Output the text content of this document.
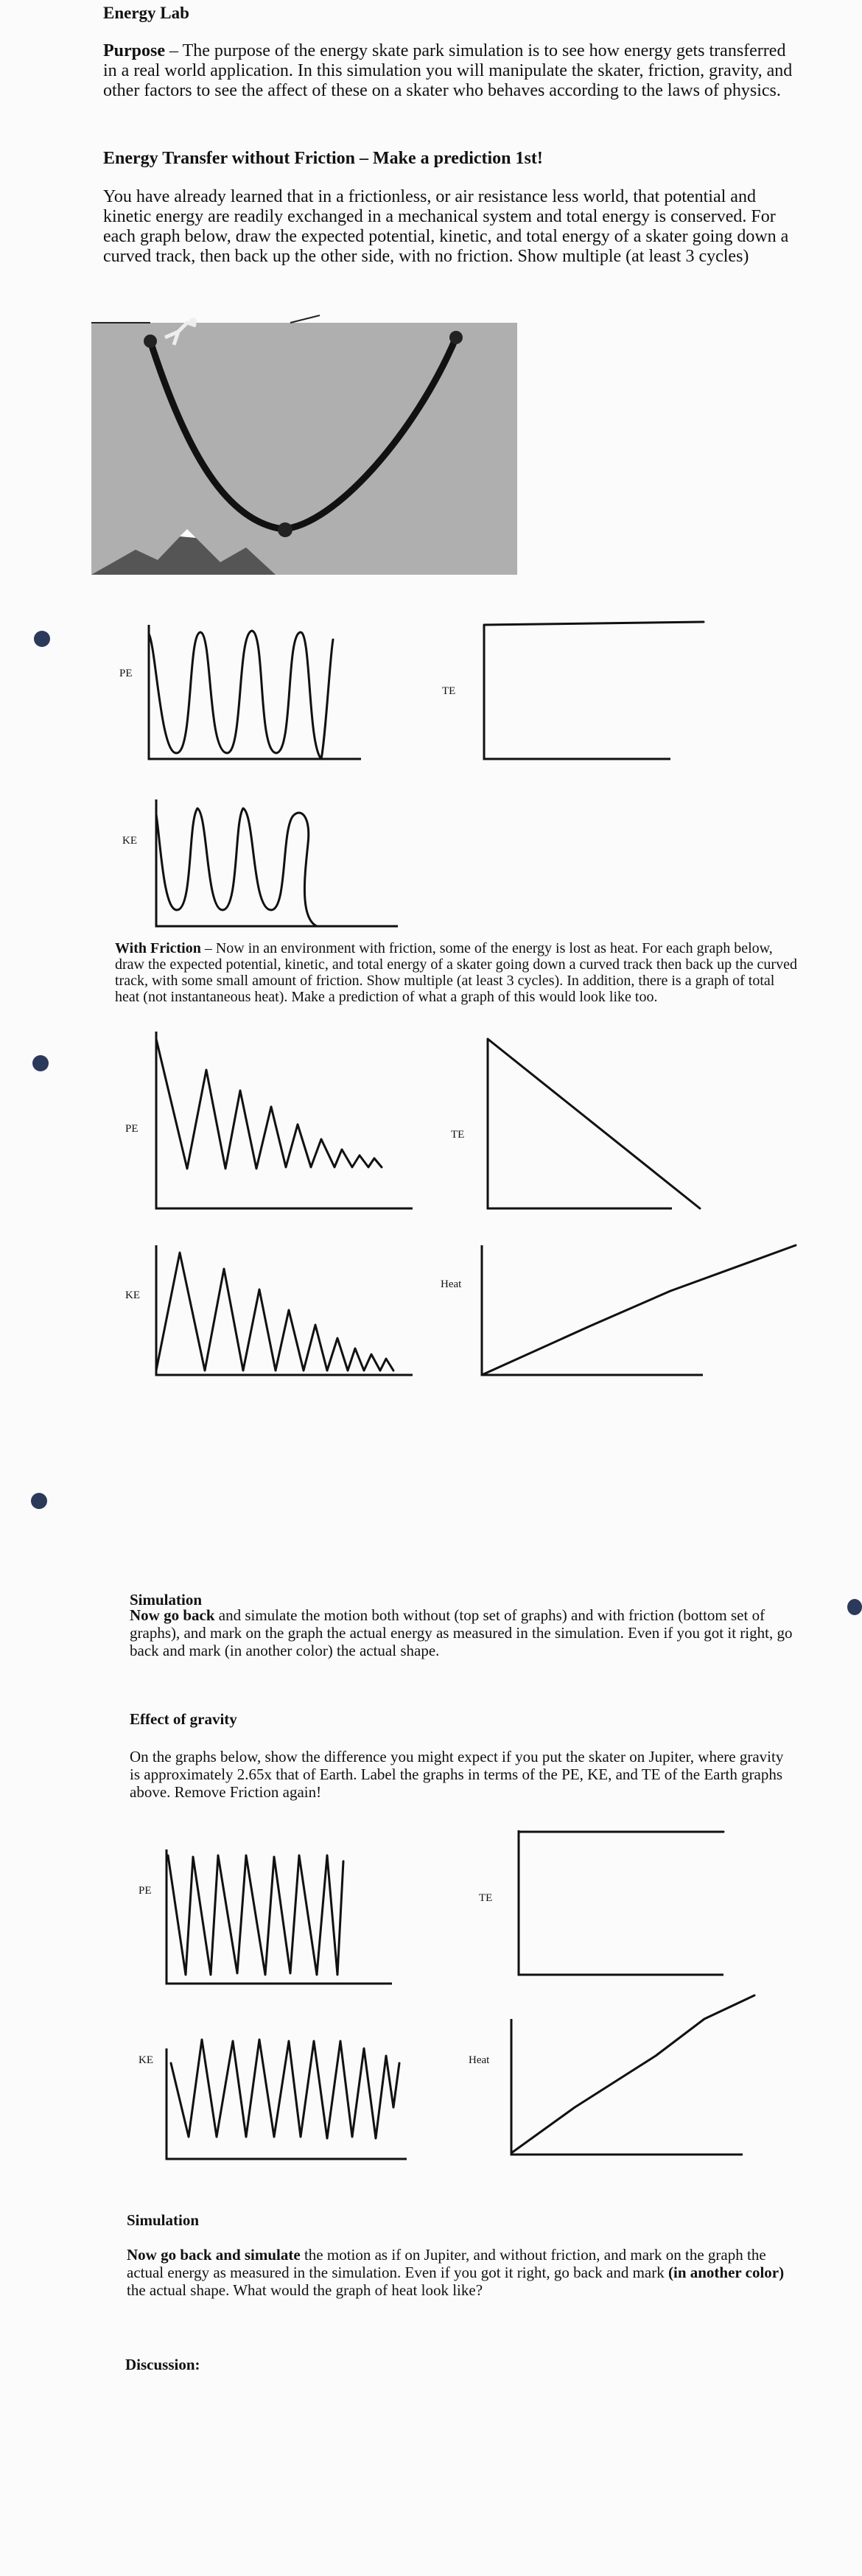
Energy Lab

Purpose – The purpose of the energy skate park simulation is to see how energy gets transferred in a real world application. In this simulation you will manipulate the skater, friction, gravity, and other factors to see the affect of these on a skater who behaves according to the laws of physics.

Energy Transfer without Friction – Make a prediction 1st!

You have already learned that in a frictionless, or air resistance less world, that potential and kinetic energy are readily exchanged in a mechanical system and total energy is conserved. For each graph below, draw the expected potential, kinetic, and total energy of a skater going down a curved track, then back up the other side, with no friction. Show multiple (at least 3 cycles)

PE
TE
KE

With Friction – Now in an environment with friction, some of the energy is lost as heat. For each graph below, draw the expected potential, kinetic, and total energy of a skater going down a curved track then back up the curved track, with some small amount of friction. Show multiple (at least 3 cycles). In addition, there is a graph of total heat (not instantaneous heat). Make a prediction of what a graph of this would look like too.

PE	TE
KE
Heat
Simulation

Now go back and simulate the motion both without (top set of graphs) and with friction (bottom set of graphs), and mark on the graph the actual energy as measured in the simulation. Even if you got it right, go back and mark (in another color) the actual shape.

Effect of gravity

On the graphs below, show the difference you might expect if you put the skater on Jupiter, where gravity is approximately 2.65x that of Earth. Label the graphs in terms of the PE, KE, and TE of the Earth graphs above. Remove Friction again!

PE
TE
KE	Heat
Simulation

Now go back and simulate the motion as if on Jupiter, and without friction, and mark on the graph the actual energy as measured in the simulation. Even if you got it right, go back and mark (in another color) the actual shape. What would the graph of heat look like?

Discussion:
